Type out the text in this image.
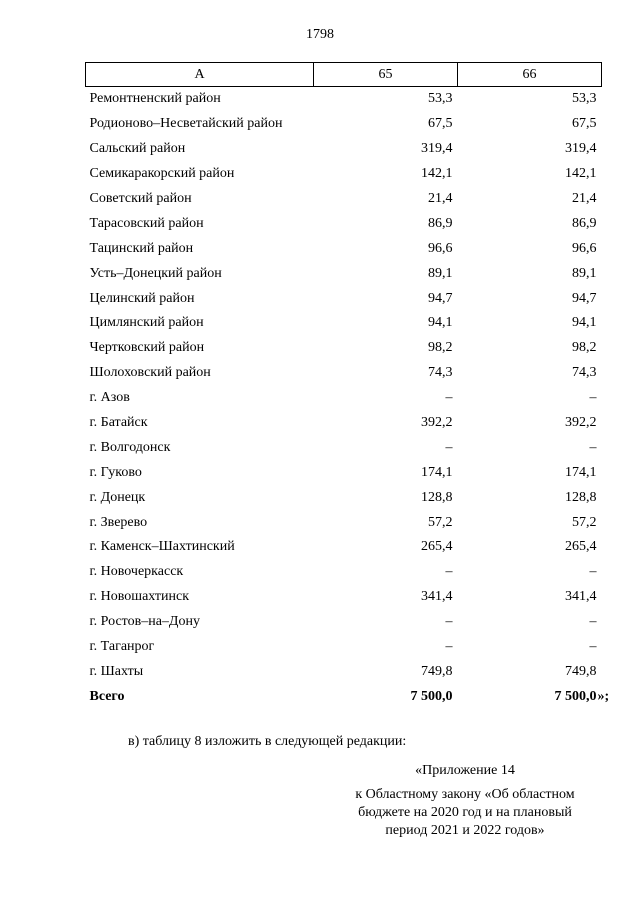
1798
А	65	66
Ремонтненский район	53,3	53,3
Родионово–Несветайский район	67,5	67,5
Сальский район	319,4	319,4
Семикаракорский район	142,1	142,1
Советский район	21,4	21,4
Тарасовский район	86,9	86,9
Тацинский район	96,6	96,6
Усть–Донецкий район	89,1	89,1
Целинский район	94,7	94,7
Цимлянский район	94,1	94,1
Чертковский район	98,2	98,2
Шолоховский район	74,3	74,3
г. Азов	–	–
г. Батайск	392,2	392,2
г. Волгодонск	–	–
г. Гуково	174,1	174,1
г. Донецк	128,8	128,8
г. Зверево	57,2	57,2
г. Каменск–Шахтинский	265,4	265,4
г. Новочеркасск	–	–
г. Новошахтинск	341,4	341,4
г. Ростов–на–Дону	–	–
г. Таганрог	–	–
г. Шахты	749,8	749,8
Всего	7 500,0	7 500,0 »;
в) таблицу 8 изложить в следующей редакции:
«Приложение 14
к Областному закону «Об областном
бюджете на 2020 год и на плановый
период 2021 и 2022 годов»
